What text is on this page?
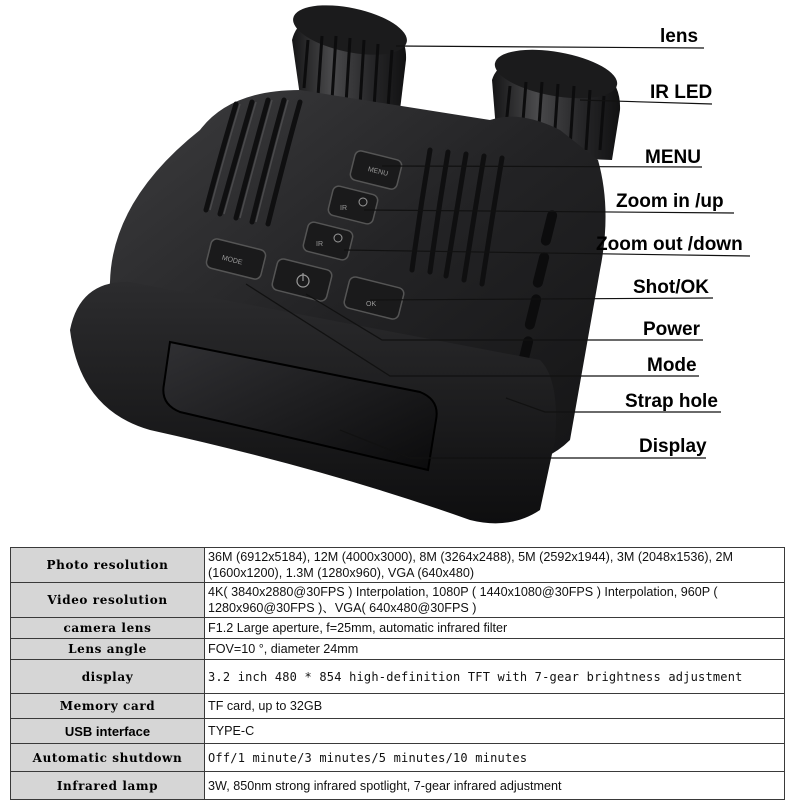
MENU
IR
IR
MODE
OK
lens
IR LED
MENU
Zoom in /up
Zoom out /down
Shot/OK
Power
Mode
Strap hole
Display
Photo resolution	36M (6912x5184), 12M (4000x3000), 8M (3264x2488), 5M (2592x1944), 3M (2048x1536), 2M (1600x1200), 1.3M (1280x960), VGA (640x480)
Video resolution	4K( 3840x2880@30FPS ) Interpolation, 1080P ( 1440x1080@30FPS ) Interpolation, 960P ( 1280x960@30FPS )、VGA( 640x480@30FPS )
camera lens	F1.2 Large aperture, f=25mm, automatic infrared filter
Lens angle	FOV=10 °, diameter 24mm
display	3.2 inch 480 * 854 high-definition TFT with 7-gear brightness adjustment
Memory card	TF card, up to 32GB
USB interface	TYPE-C
Automatic shutdown	Off/1 minute/3 minutes/5 minutes/10 minutes
Infrared lamp	3W, 850nm strong infrared spotlight, 7-gear infrared adjustment
